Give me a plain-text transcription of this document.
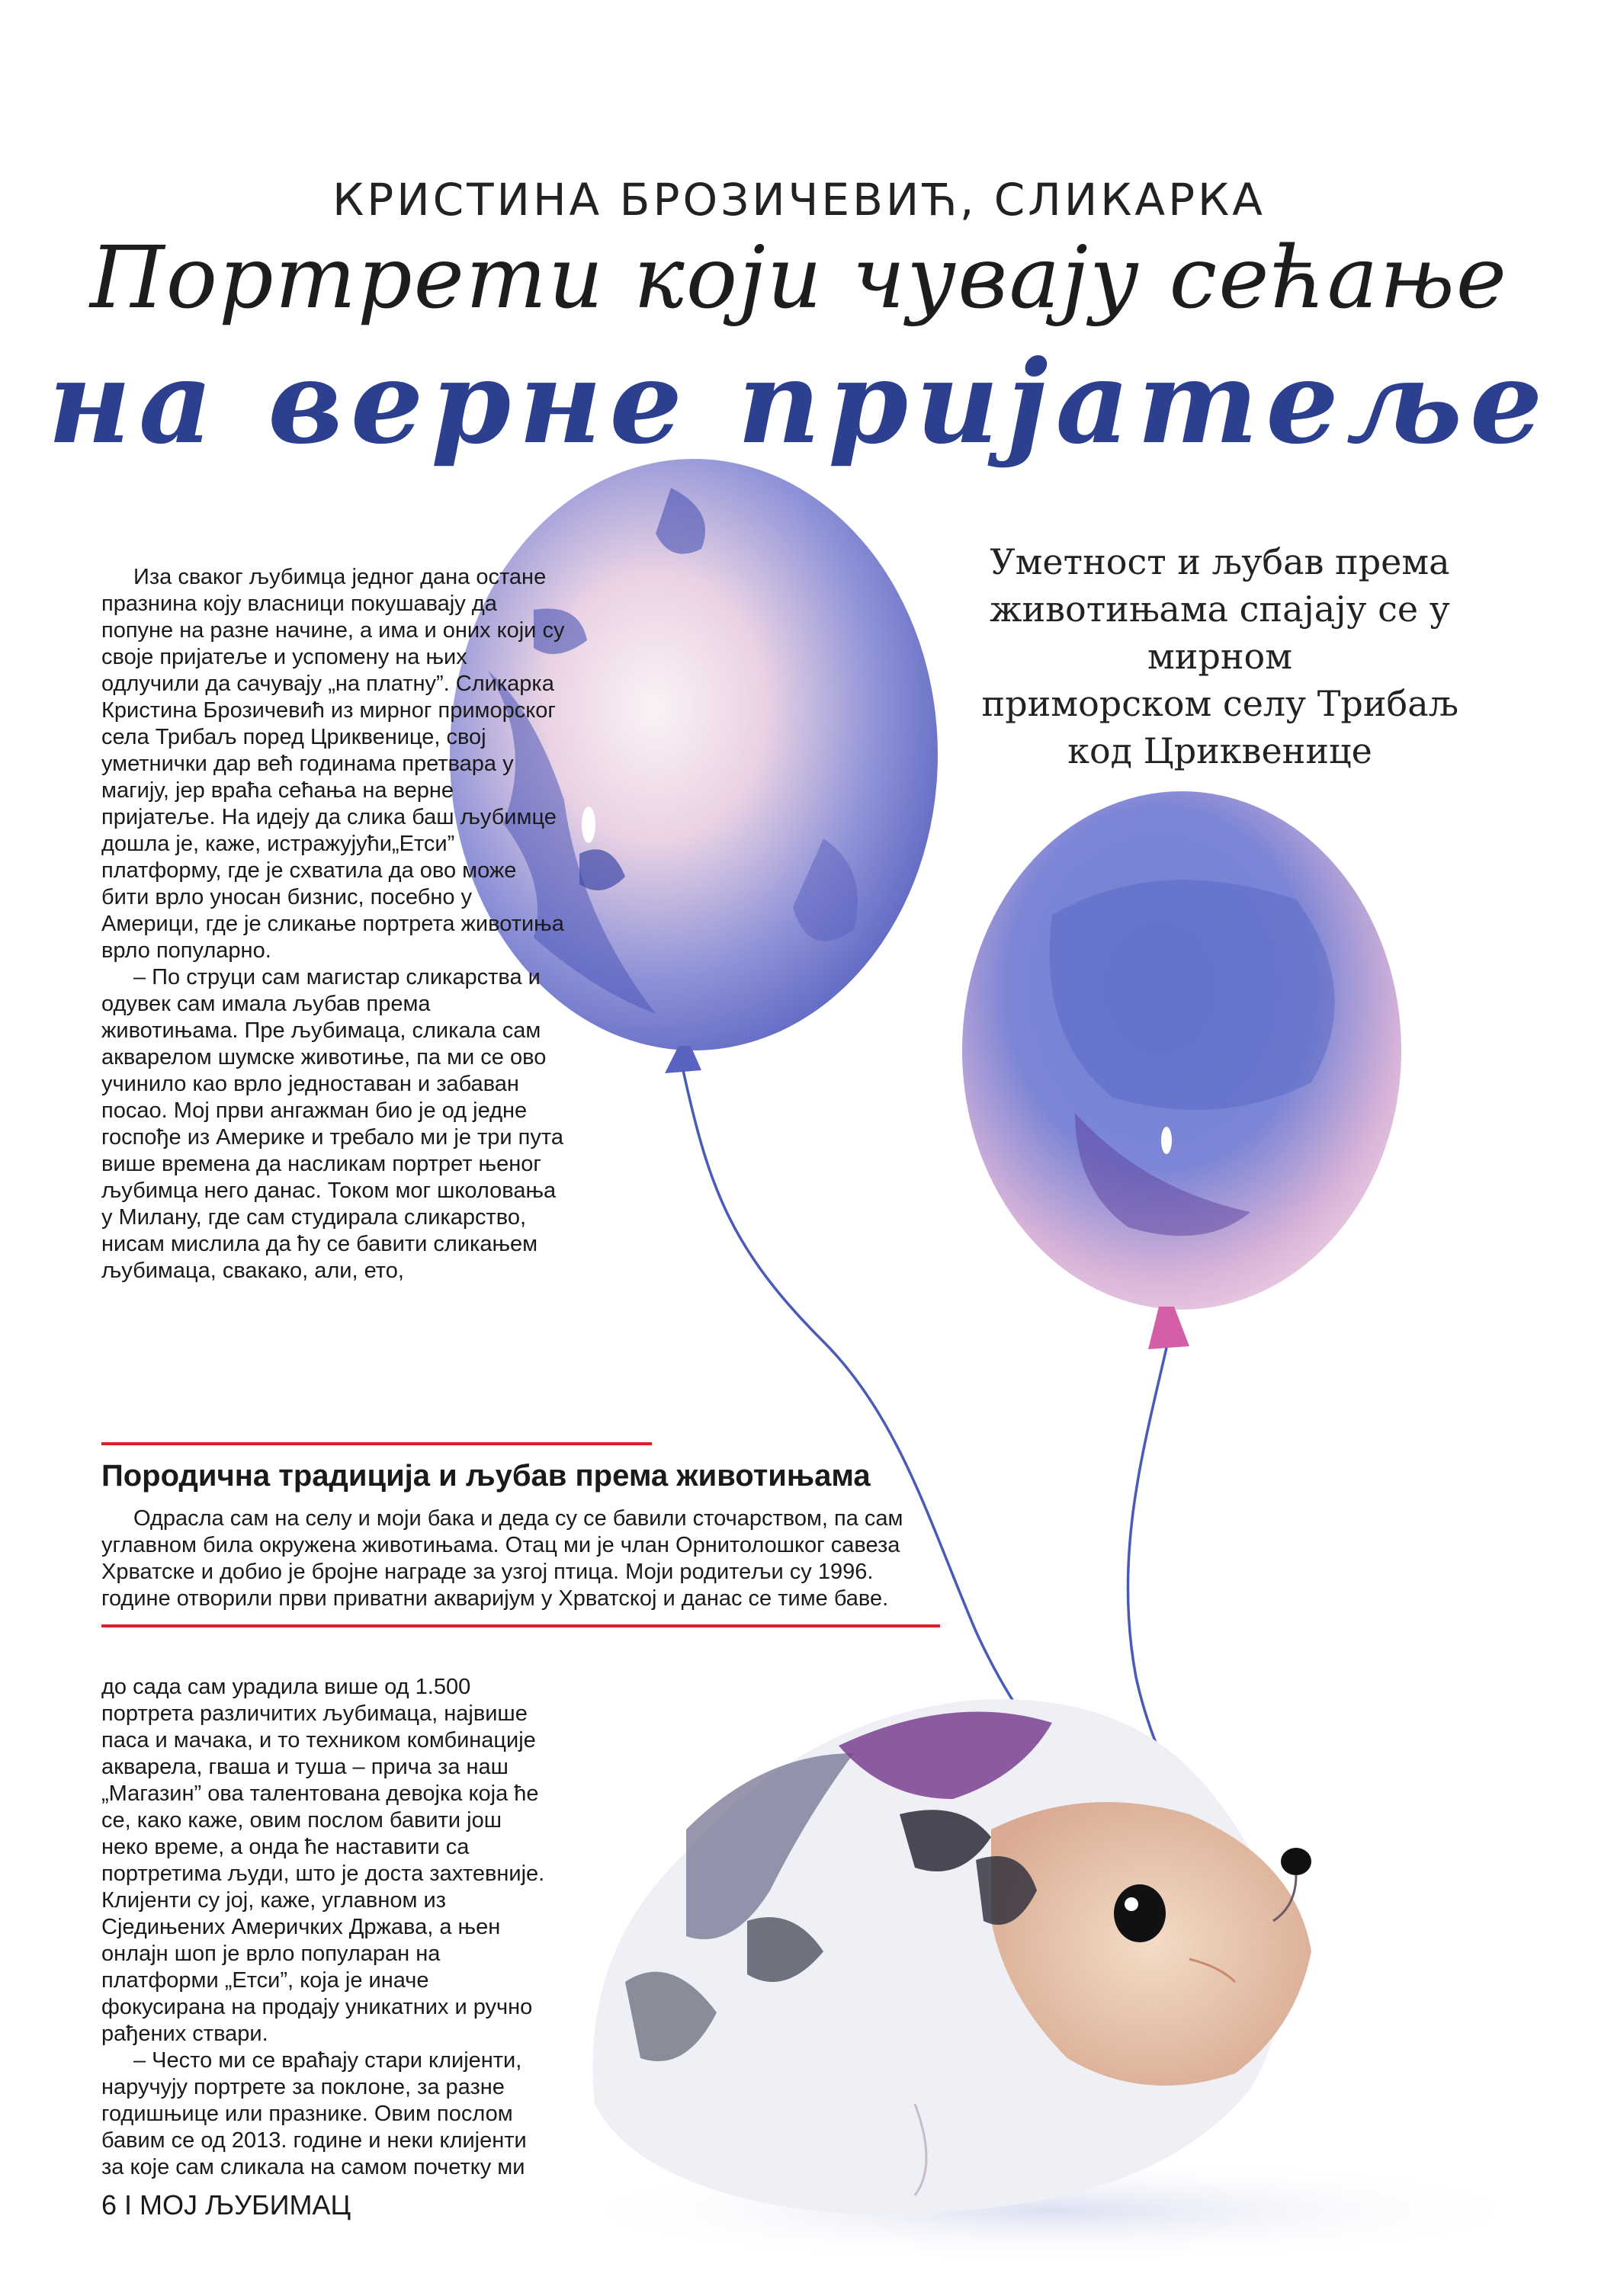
КРИСТИНА БРОЗИЧЕВИЋ, СЛИКАРКА
Портрети који чувају сећање
на верне пријатеље
Уметност и љубав према
животињама спајају се у мирном
приморском селу Трибаљ
код Цриквенице

Иза сваког љубимца једног дана остане празнина коју власници покушавају да попуне на разне начине, а има и оних који су своје пријатеље и успомену на њих одлучили да сачувају „на платну”. Сликарка Кристина Брозичевић из мирног приморског села Трибаљ поред Цриквенице, свој уметнички дар већ годинама претвара у магију, јер враћа сећања на верне пријатеље. На идеју да слика баш љубимце дошла је, каже, истражујући„Етси” платформу, где је схватила да ово може бити врло уносан бизнис, посебно у Америци, где је сликање портрета животиња врло популарно.

– По струци сам магистар сликарства и одувек сам имала љубав према животињама. Пре љубимаца, сликала сам акварелом шумске животиње, па ми се ово учинило као врло једноставан и забаван посао. Мој први ангажман био је од једне госпође из Америке и требало ми је три пута више времена да насликам портрет њеног љубимца него данас. Током мог школовања у Милану, где сам студирала сликарство, нисам мислила да ћу се бавити сликањем љубимаца, свакако, али, ето,

Породична традиција и љубав према животињама

Одрасла сам на селу и моји бака и деда су се бавили сточарством, па сам углавном била окружена животињама. Отац ми је члан Орнитолошког савеза Хрватске и добио је бројне награде за узгој птица. Моји родитељи су 1996. године отворили први приватни акваријум у Хрватској и данас се тиме баве.

до сада сам урадила више од 1.500 портрета различитих љубимаца, највише паса и мачака, и то техником комбинације акварела, гваша и туша – прича за наш „Магазин” ова талентована девојка која ће се, како каже, овим послом бавити још неко време, а онда ће наставити са портретима људи, што је доста захтевније. Клијенти су јој, каже, углавном из Сједињених Америчких Држава, а њен онлајн шоп је врло популаран на платформи „Етси”, која је иначе фокусирана на продају уникатних и ручно рађених ствари.

– Често ми се враћају стари клијенти, наручују портрете за поклоне, за разне годишњице или празнике. Овим послом бавим се од 2013. године и неки клијенти за које сам сликала на самом почетку ми

6 I МОЈ ЉУБИМАЦ
